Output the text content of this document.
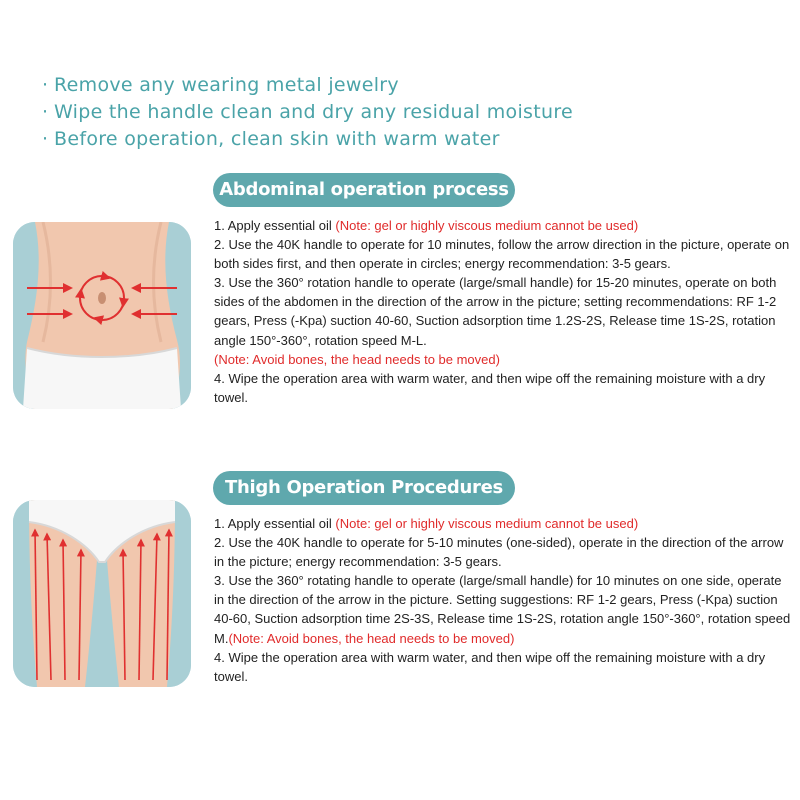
· Remove any wearing metal jewelry
· Wipe the handle clean and dry any residual moisture
· Before operation, clean skin with warm water
Abdominal operation process

1. Apply essential oil (Note: gel or highly viscous medium cannot be used)

2. Use the 40K handle to operate for 10 minutes, follow the arrow direction in the picture, operate on both sides first, and then operate in circles; energy recommendation: 3-5 gears.

3. Use the 360° rotation handle to operate (large/small handle) for 15-20 minutes, operate on both sides of the abdomen in the direction of the arrow in the picture; setting recommendations: RF 1-2 gears, Press (-Kpa) suction 40-60, Suction adsorption time 1.2S-2S, Release time 1S-2S, rotation angle 150°-360°, rotation speed M-L.

(Note: Avoid bones, the head needs to be moved)

4. Wipe the operation area with warm water, and then wipe off the remaining moisture with a dry towel.

Thigh Operation Procedures

1. Apply essential oil (Note: gel or highly viscous medium cannot be used)

2. Use the 40K handle to operate for 5-10 minutes (one-sided), operate in the direction of the arrow in the picture; energy recommendation: 3-5 gears.

3. Use the 360° rotating handle to operate (large/small handle) for 10 minutes on one side, operate in the direction of the arrow in the picture. Setting suggestions: RF 1-2 gears, Press (-Kpa) suction 40-60, Suction adsorption time 2S-3S, Release time 1S-2S, rotation angle 150°-360°, rotation speed M.(Note: Avoid bones, the head needs to be moved)

4. Wipe the operation area with warm water, and then wipe off the remaining moisture with a dry towel.
